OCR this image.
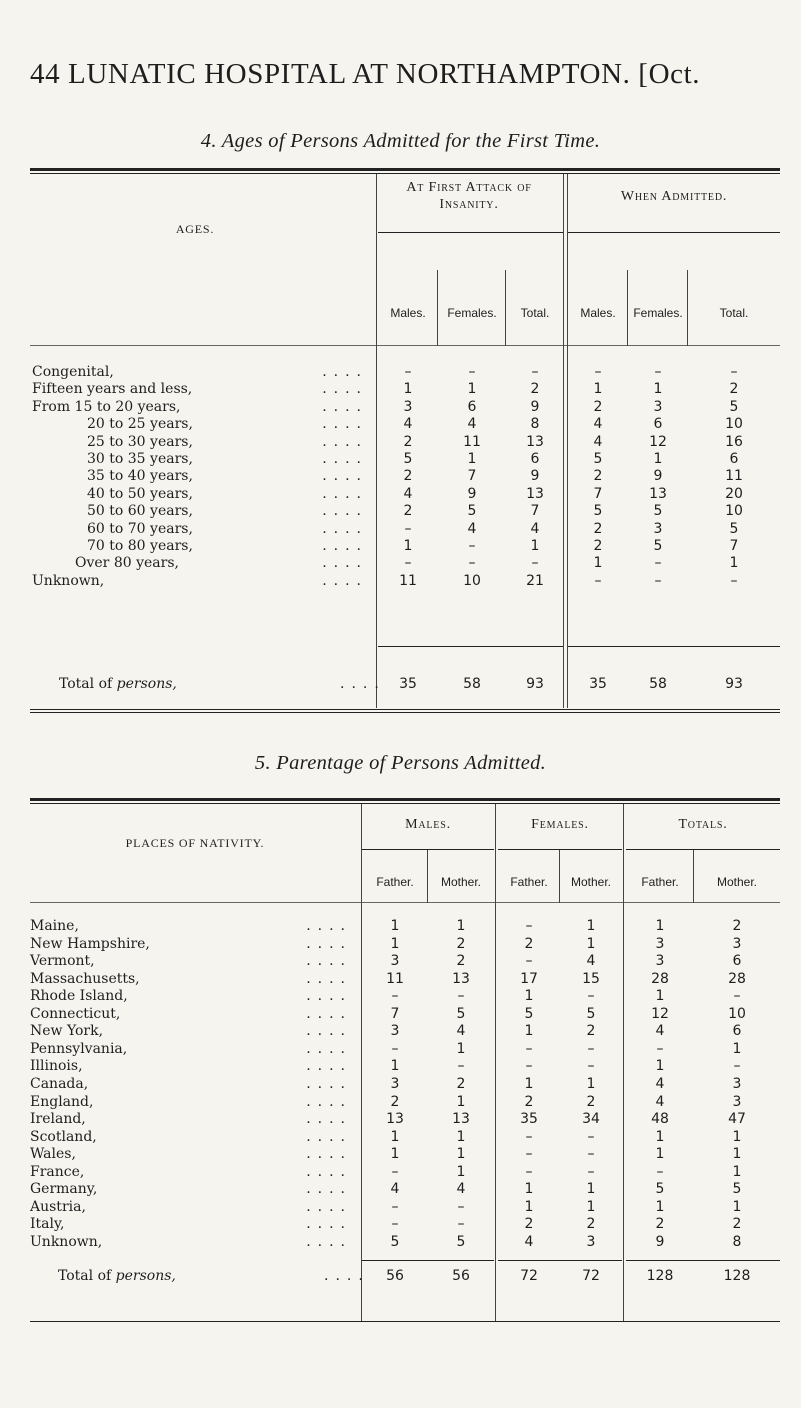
44 LUNATIC HOSPITAL AT NORTHAMPTON. [Oct.
4. Ages of Persons Admitted for the First Time.
AGES.
At First Attack of
Insanity.
When Admitted.
Males.	Females.	Total.	Males.	Females.	Total.
Congenital,	....	–	–	–	–	–	–
Fifteen years and less,	....	1	1	2	1	1	2
From 15 to 20 years,	....	3	6	9	2	3	5
20 to 25 years,	....	4	4	8	4	6	10
25 to 30 years,	....	2	11	13	4	12	16
30 to 35 years,	....	5	1	6	5	1	6
35 to 40 years,	....	2	7	9	2	9	11
40 to 50 years,	....	4	9	13	7	13	20
50 to 60 years,	....	2	5	7	5	5	10
60 to 70 years,	....	–	4	4	2	3	5
70 to 80 years,	....	1	–	1	2	5	7
Over 80 years,	....	–	–	–	1	–	1
Unknown,	....	11	10	21	–	–	–
Total of persons,	.... 35	58	93	35	58	93
5. Parentage of Persons Admitted.
PLACES OF NATIVITY.
Males.	Females.	Totals.
Father.	Mother.	Father.	Mother.	Father.	Mother.
Maine,	....	1	1	–	1	1	2
New Hampshire,	....	1	2	2	1	3	3
Vermont,	....	3	2	–	4	3	6
Massachusetts,	....	11	13	17	15	28	28
Rhode Island,	....	–	–	1	–	1	–
Connecticut,	....	7	5	5	5	12	10
New York,	....	3	4	1	2	4	6
Pennsylvania,	....	–	1	–	–	–	1
Illinois,	....	1	–	–	–	1	–
Canada,	....	3	2	1	1	4	3
England,	....	2	1	2	2	4	3
Ireland,	....	13	13	35	34	48	47
Scotland,	....	1	1	–	–	1	1
Wales,	....	1	1	–	–	1	1
France,	....	–	1	–	–	–	1
Germany,	....	4	4	1	1	5	5
Austria,	....	–	–	1	1	1	1
Italy,	....	–	–	2	2	2	2
Unknown,	....	5	5	4	3	9	8
Total of persons,	....	56	56	72	72	128	128
